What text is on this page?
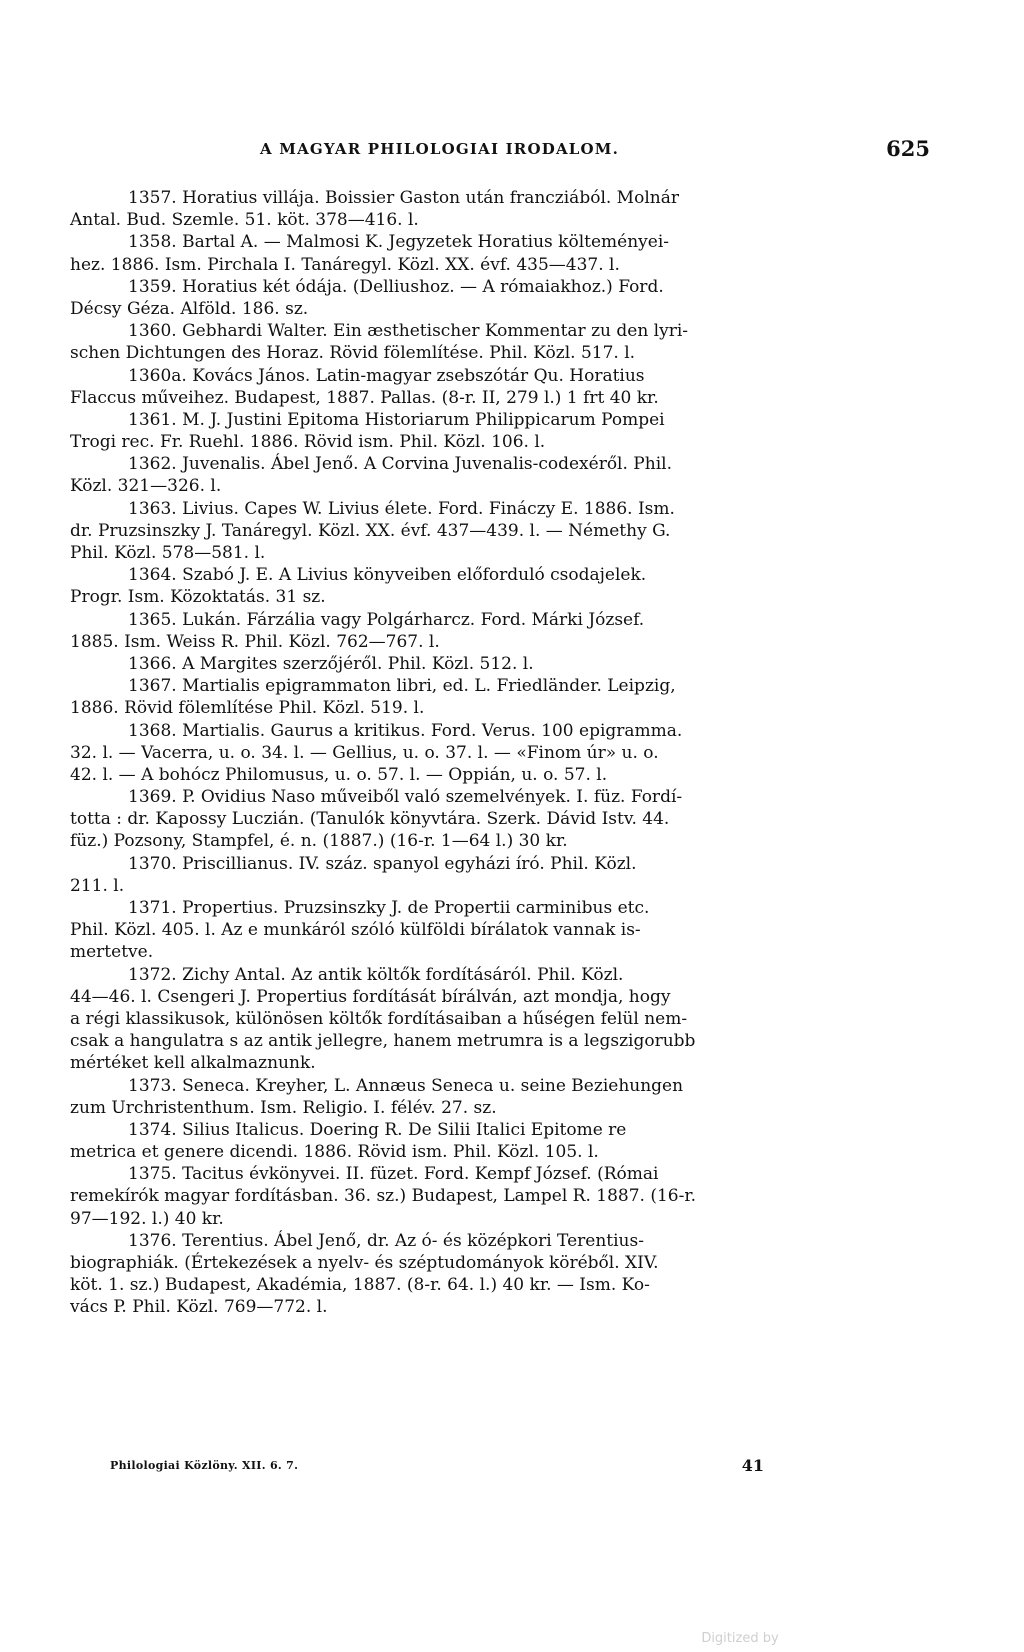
A MAGYAR PHILOLOGIAI IRODALOM.	625
1357. Horatius villája. Boissier Gaston után francziából. Molnár
Antal. Bud. Szemle. 51. köt. 378—416. l.
1358. Bartal A. — Malmosi K. Jegyzetek Horatius költeményei-
hez. 1886. Ism. Pirchala I. Tanáregyl. Közl. XX. évf. 435—437. l.
1359. Horatius két ódája. (Delliushoz. — A rómaiakhoz.) Ford.
Décsy Géza. Alföld. 186. sz.
1360. Gebhardi Walter. Ein æsthetischer Kommentar zu den lyri-
schen Dichtungen des Horaz. Rövid fölemlítése. Phil. Közl. 517. l.
1360a. Kovács János. Latin-magyar zsebszótár Qu. Horatius
Flaccus műveihez. Budapest, 1887. Pallas. (8-r. II, 279 l.) 1 frt 40 kr.
1361. M. J. Justini Epitoma Historiarum Philippicarum Pompei
Trogi rec. Fr. Ruehl. 1886. Rövid ism. Phil. Közl. 106. l.
1362. Juvenalis. Ábel Jenő. A Corvina Juvenalis-codexéről. Phil.
Közl. 321—326. l.
1363. Livius. Capes W. Livius élete. Ford. Fináczy E. 1886. Ism.
dr. Pruzsinszky J. Tanáregyl. Közl. XX. évf. 437—439. l. — Némethy G.
Phil. Közl. 578—581. l.
1364. Szabó J. E. A Livius könyveiben előforduló csodajelek.
Progr. Ism. Közoktatás. 31 sz.
1365. Lukán. Fárzália vagy Polgárharcz. Ford. Márki József.
1885. Ism. Weiss R. Phil. Közl. 762—767. l.
1366. A Margites szerzőjéről. Phil. Közl. 512. l.
1367. Martialis epigrammaton libri, ed. L. Friedländer. Leipzig,
1886. Rövid fölemlítése Phil. Közl. 519. l.
1368. Martialis. Gaurus a kritikus. Ford. Verus. 100 epigramma.
32. l. — Vacerra, u. o. 34. l. — Gellius, u. o. 37. l. — «Finom úr» u. o.
42. l. — A bohócz Philomusus, u. o. 57. l. — Oppián, u. o. 57. l.
1369. P. Ovidius Naso műveiből való szemelvények. I. füz. Fordí-
totta : dr. Kapossy Luczián. (Tanulók könyvtára. Szerk. Dávid Istv. 44.
füz.) Pozsony, Stampfel, é. n. (1887.) (16-r. 1—64 l.) 30 kr.
1370. Priscillianus. IV. száz. spanyol egyházi író. Phil. Közl.
211. l.
1371. Propertius. Pruzsinszky J. de Propertii carminibus etc.
Phil. Közl. 405. l. Az e munkáról szóló külföldi bírálatok vannak is-
mertetve.
1372. Zichy Antal. Az antik költők fordításáról. Phil. Közl.
44—46. l. Csengeri J. Propertius fordítását bírálván, azt mondja, hogy
a régi klassikusok, különösen költők fordításaiban a hűségen felül nem-
csak a hangulatra s az antik jellegre, hanem metrumra is a legszigorubb
mértéket kell alkalmaznunk.
1373. Seneca. Kreyher, L. Annæus Seneca u. seine Beziehungen
zum Urchristenthum. Ism. Religio. I. félév. 27. sz.
1374. Silius Italicus. Doering R. De Silii Italici Epitome re
metrica et genere dicendi. 1886. Rövid ism. Phil. Közl. 105. l.
1375. Tacitus évkönyvei. II. füzet. Ford. Kempf József. (Római
remekírók magyar fordításban. 36. sz.) Budapest, Lampel R. 1887. (16-r.
97—192. l.) 40 kr.
1376. Terentius. Ábel Jenő, dr. Az ó- és középkori Terentius-
biographiák. (Értekezések a nyelv- és széptudományok köréből. XIV.
köt. 1. sz.) Budapest, Akadémia, 1887. (8-r. 64. l.) 40 kr. — Ism. Ko-
vács P. Phil. Közl. 769—772. l.
Philologiai Közlöny. XII. 6. 7.	41
Digitized by
